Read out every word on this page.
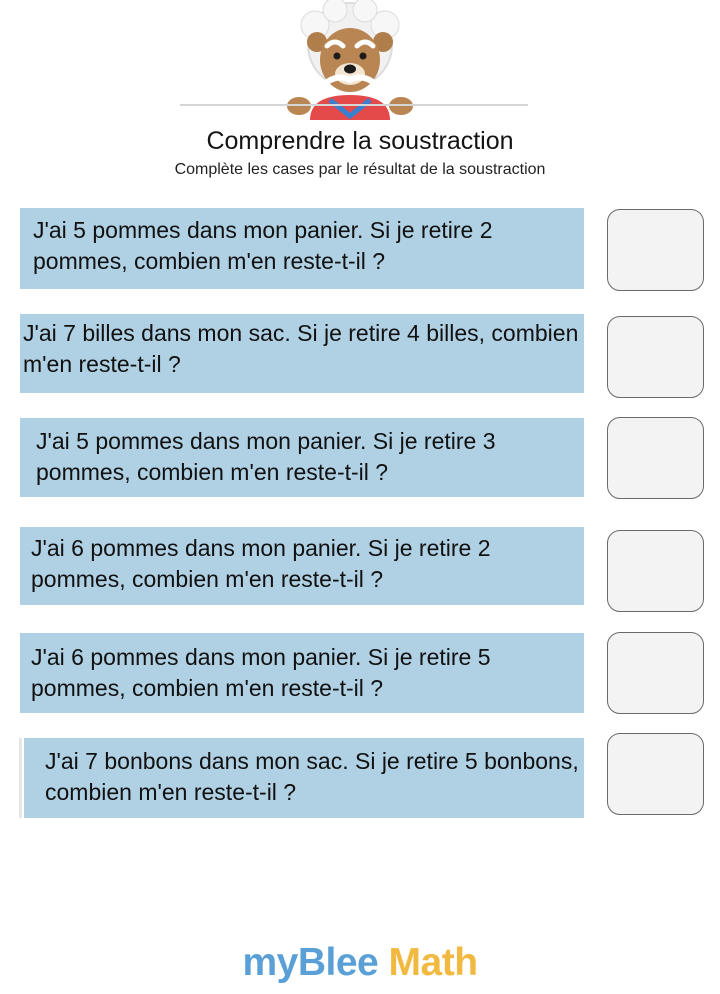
Comprendre la soustraction
Complète les cases par le résultat de la soustraction
J'ai 5 pommes dans mon panier. Si je retire 2 pommes, combien m'en reste-t-il ?
J'ai 7 billes dans mon sac. Si je retire 4 billes, combien m'en reste-t-il ?
J'ai 5 pommes dans mon panier. Si je retire 3 pommes, combien m'en reste-t-il ?
J'ai 6 pommes dans mon panier. Si je retire 2 pommes, combien m'en reste-t-il ?
J'ai 6 pommes dans mon panier. Si je retire 5 pommes, combien m'en reste-t-il ?
J'ai 7 bonbons dans mon sac. Si je retire 5 bonbons, combien m'en reste-t-il ?
myBlee Math
